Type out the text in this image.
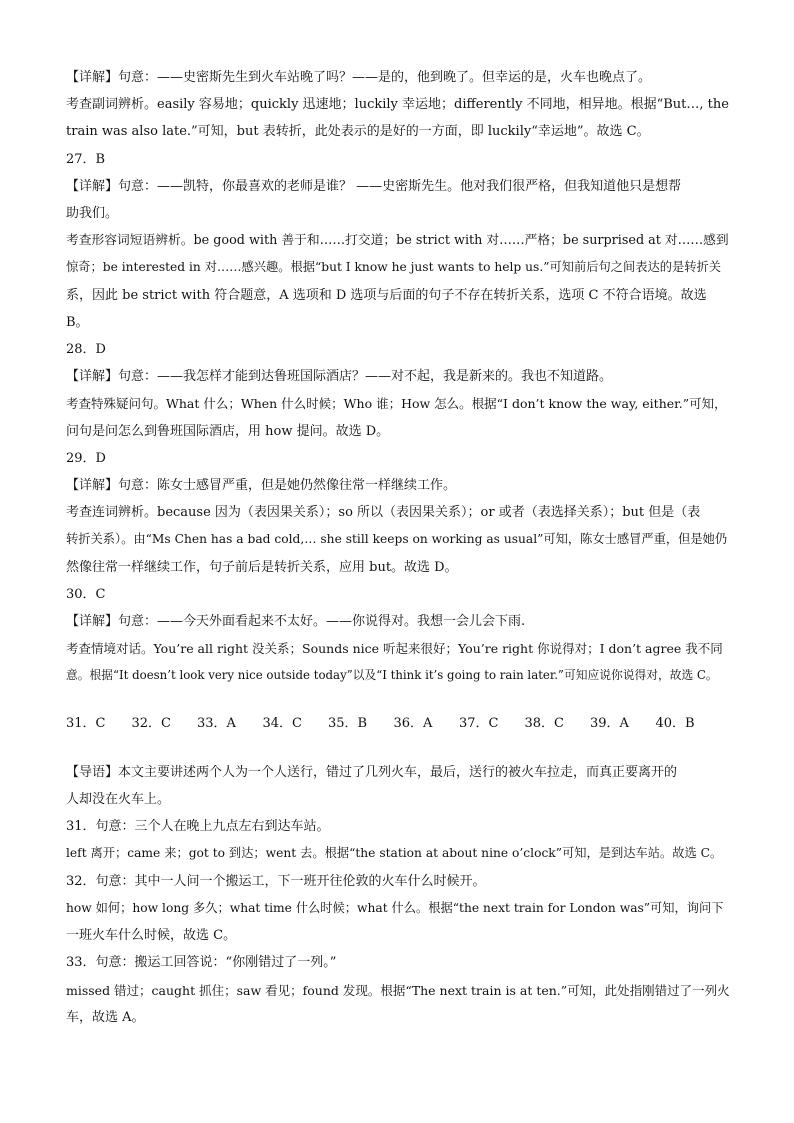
【详解】句意：——史密斯先生到火车站晚了吗？——是的，他到晚了。但幸运的是，火车也晚点了。

考查副词辨析。easily 容易地；quickly 迅速地；luckily 幸运地；differently 不同地，相异地。根据“But…, the

train was also late.”可知，but 表转折，此处表示的是好的一方面，即 luckily“幸运地”。故选 C。

27．B

【详解】句意：——凯特，你最喜欢的老师是谁？ ——史密斯先生。他对我们很严格，但我知道他只是想帮

助我们。

考查形容词短语辨析。be good with 善于和……打交道；be strict with 对……严格；be surprised at 对……感到

惊奇；be interested in 对……感兴趣。根据“but I know he just wants to help us.”可知前后句之间表达的是转折关

系，因此 be strict with 符合题意，A 选项和 D 选项与后面的句子不存在转折关系，选项 C 不符合语境。故选

B。

28．D

【详解】句意：——我怎样才能到达鲁班国际酒店？——对不起，我是新来的。我也不知道路。

考查特殊疑问句。What 什么；When 什么时候；Who 谁；How 怎么。根据“I don’t know the way, either.”可知，

问句是问怎么到鲁班国际酒店，用 how 提问。故选 D。

29．D

【详解】句意：陈女士感冒严重，但是她仍然像往常一样继续工作。

考查连词辨析。because 因为（表因果关系）；so 所以（表因果关系）；or 或者（表选择关系）；but 但是（表

转折关系）。由“Ms Chen has a bad cold,… she still keeps on working as usual”可知，陈女士感冒严重，但是她仍

然像往常一样继续工作，句子前后是转折关系，应用 but。故选 D。

30．C

【详解】句意：——今天外面看起来不太好。——你说得对。我想一会儿会下雨.

考查情境对话。You’re all right 没关系；Sounds nice 听起来很好；You’re right 你说得对；I don’t agree 我不同

意。根据“It doesn’t look very nice outside today”以及“I think it’s going to rain later.”可知应说你说得对，故选 C。

31．C	32．C	33．A	34．C	35．B	36．A	37．C	38．C	39．A	40．B

【导语】本文主要讲述两个人为一个人送行，错过了几列火车，最后，送行的被火车拉走，而真正要离开的

人却没在火车上。

31．句意：三个人在晚上九点左右到达车站。

left 离开；came 来；got to 到达；went 去。根据“the station at about nine o’clock”可知，是到达车站。故选 C。

32．句意：其中一人问一个搬运工，下一班开往伦敦的火车什么时候开。

how 如何；how long 多久；what time 什么时候；what 什么。根据“the next train for London was”可知，询问下

一班火车什么时候，故选 C。

33．句意：搬运工回答说：“你刚错过了一列。”

missed 错过；caught 抓住；saw 看见；found 发现。根据“The next train is at ten.”可知，此处指刚错过了一列火

车，故选 A。
